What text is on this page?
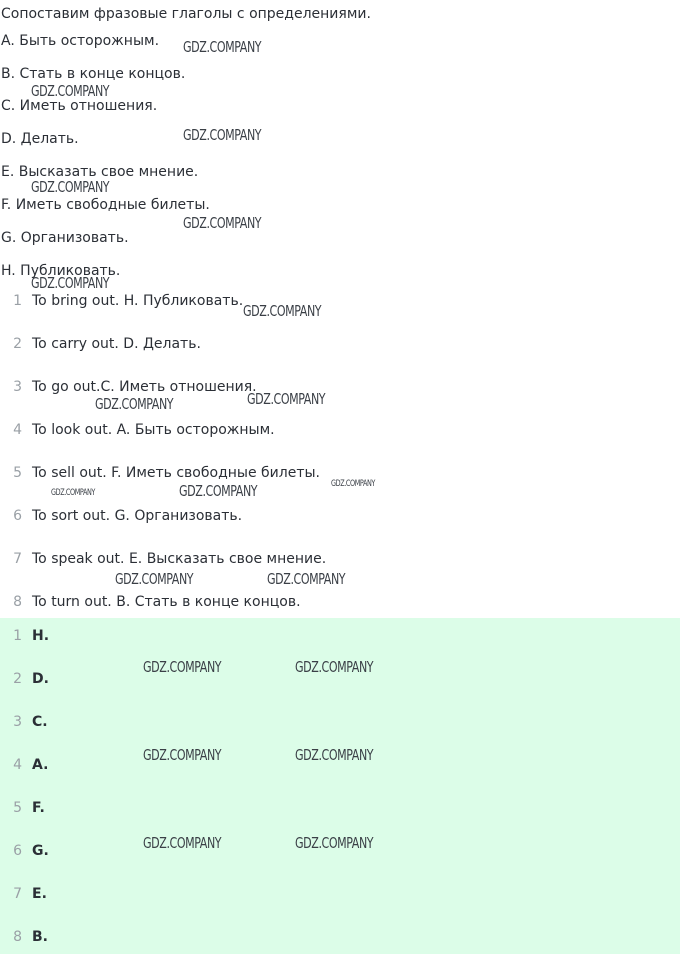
Сопоставим фразовые глаголы с определениями.
A. Быть осторожным.
B. Стать в конце концов.
C. Иметь отношения.
D. Делать.
E. Высказать свое мнение.
F. Иметь свободные билеты.
G. Организовать.
H. Публиковать.
1 To bring out. H. Публиковать.
2 To carry out. D. Делать.
3 To go out.C. Иметь отношения.
4 To look out. A. Быть осторожным.
5 To sell out. F. Иметь свободные билеты.
6 To sort out. G. Организовать.
7 To speak out. E. Высказать свое мнение.
8 To turn out. B. Стать в конце концов.
1 H.
2 D.
3 C.
4 A.
5 F.
6 G.
7 E.
8 B.
GDZ.COMPANY
GDZ.COMPANY
GDZ.COMPANY
GDZ.COMPANY
GDZ.COMPANY
GDZ.COMPANY
GDZ.COMPANY
GDZ.COMPANY	GDZ.COMPANY
GDZ.COMPANY
GDZ.COMPANY	GDZ.COMPANY
GDZ.COMPANY	GDZ.COMPANY
GDZ.COMPANY	GDZ.COMPANY
GDZ.COMPANY	GDZ.COMPANY
GDZ.COMPANY	GDZ.COMPANY
